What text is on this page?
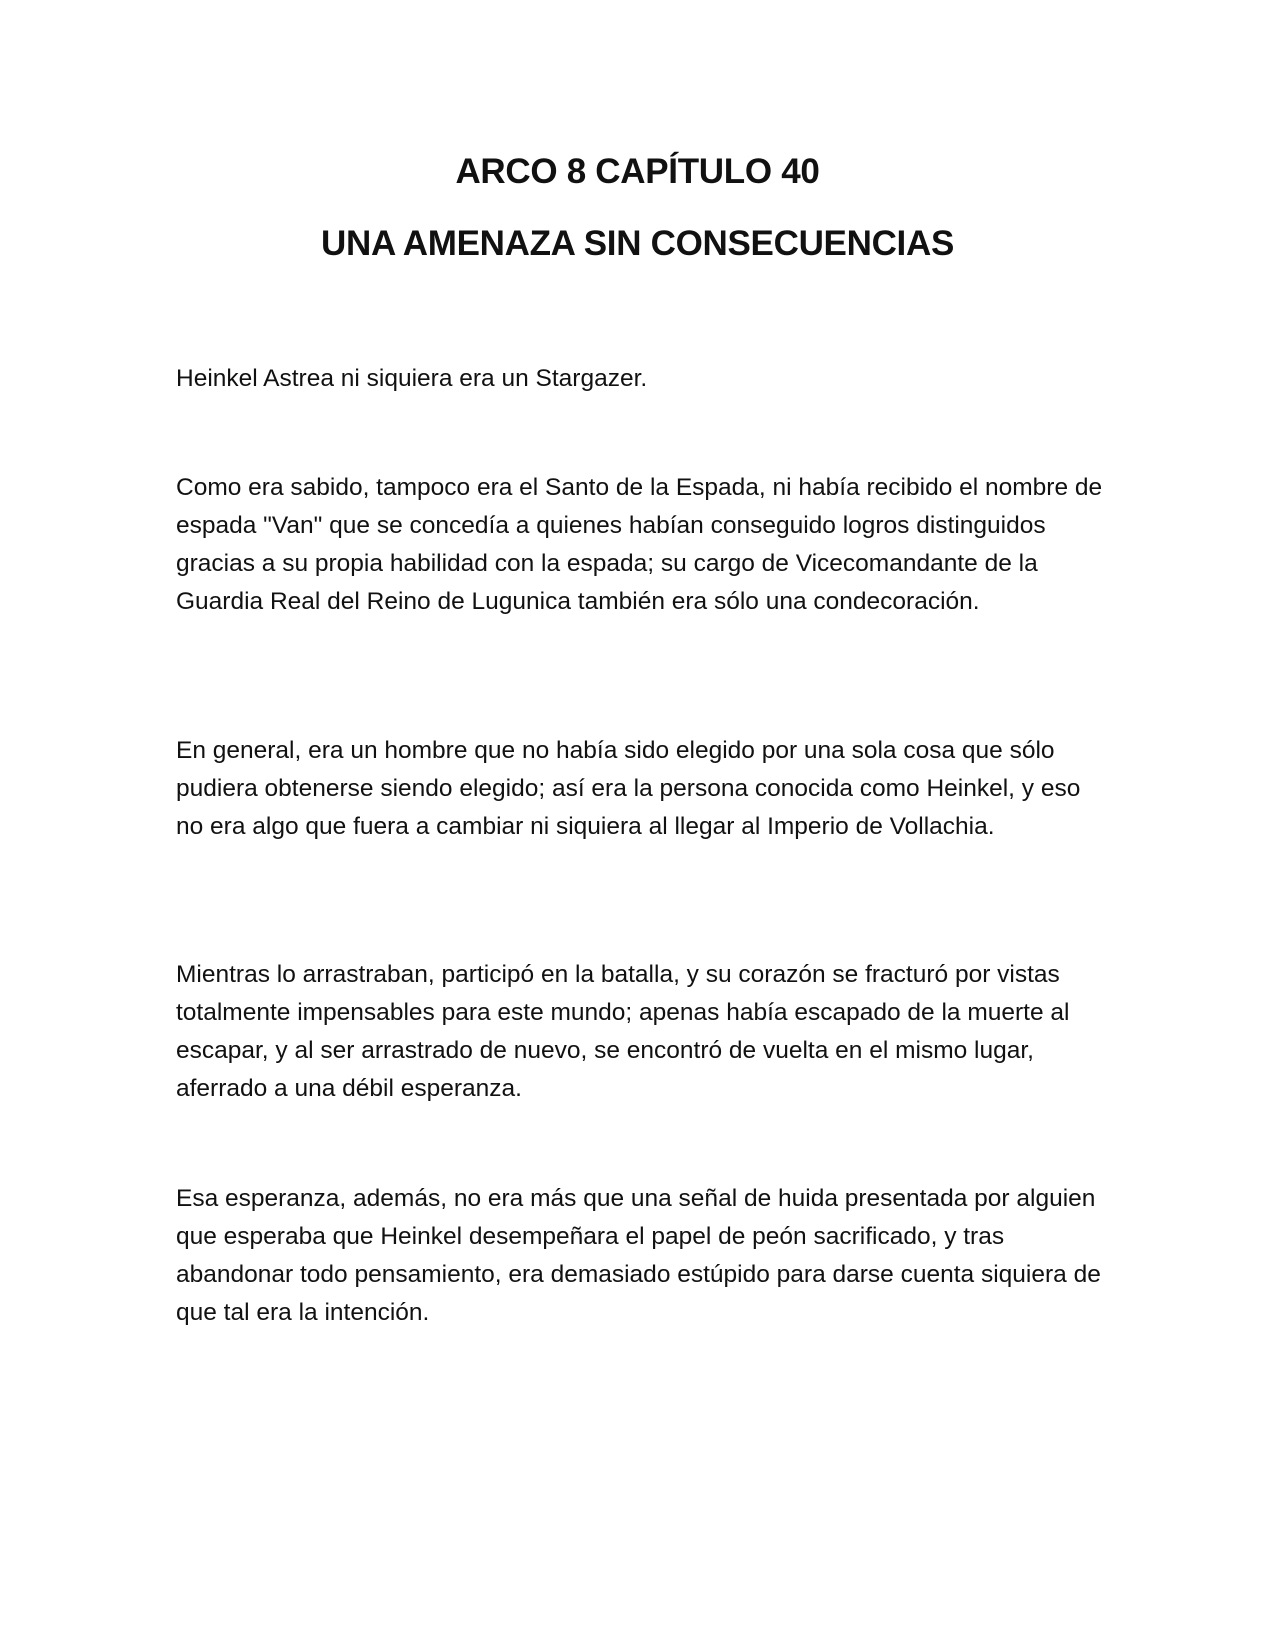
ARCO 8 CAPÍTULO 40
UNA AMENAZA SIN CONSECUENCIAS

Heinkel Astrea ni siquiera era un Stargazer.

Como era sabido, tampoco era el Santo de la Espada, ni había recibido el nombre de espada "Van" que se concedía a quienes habían conseguido logros distinguidos gracias a su propia habilidad con la espada; su cargo de Vicecomandante de la Guardia Real del Reino de Lugunica también era sólo una condecoración.

En general, era un hombre que no había sido elegido por una sola cosa que sólo pudiera obtenerse siendo elegido; así era la persona conocida como Heinkel, y eso no era algo que fuera a cambiar ni siquiera al llegar al Imperio de Vollachia.

Mientras lo arrastraban, participó en la batalla, y su corazón se fracturó por vistas totalmente impensables para este mundo; apenas había escapado de la muerte al escapar, y al ser arrastrado de nuevo, se encontró de vuelta en el mismo lugar, aferrado a una débil esperanza.

Esa esperanza, además, no era más que una señal de huida presentada por alguien que esperaba que Heinkel desempeñara el papel de peón sacrificado, y tras abandonar todo pensamiento, era demasiado estúpido para darse cuenta siquiera de que tal era la intención.
